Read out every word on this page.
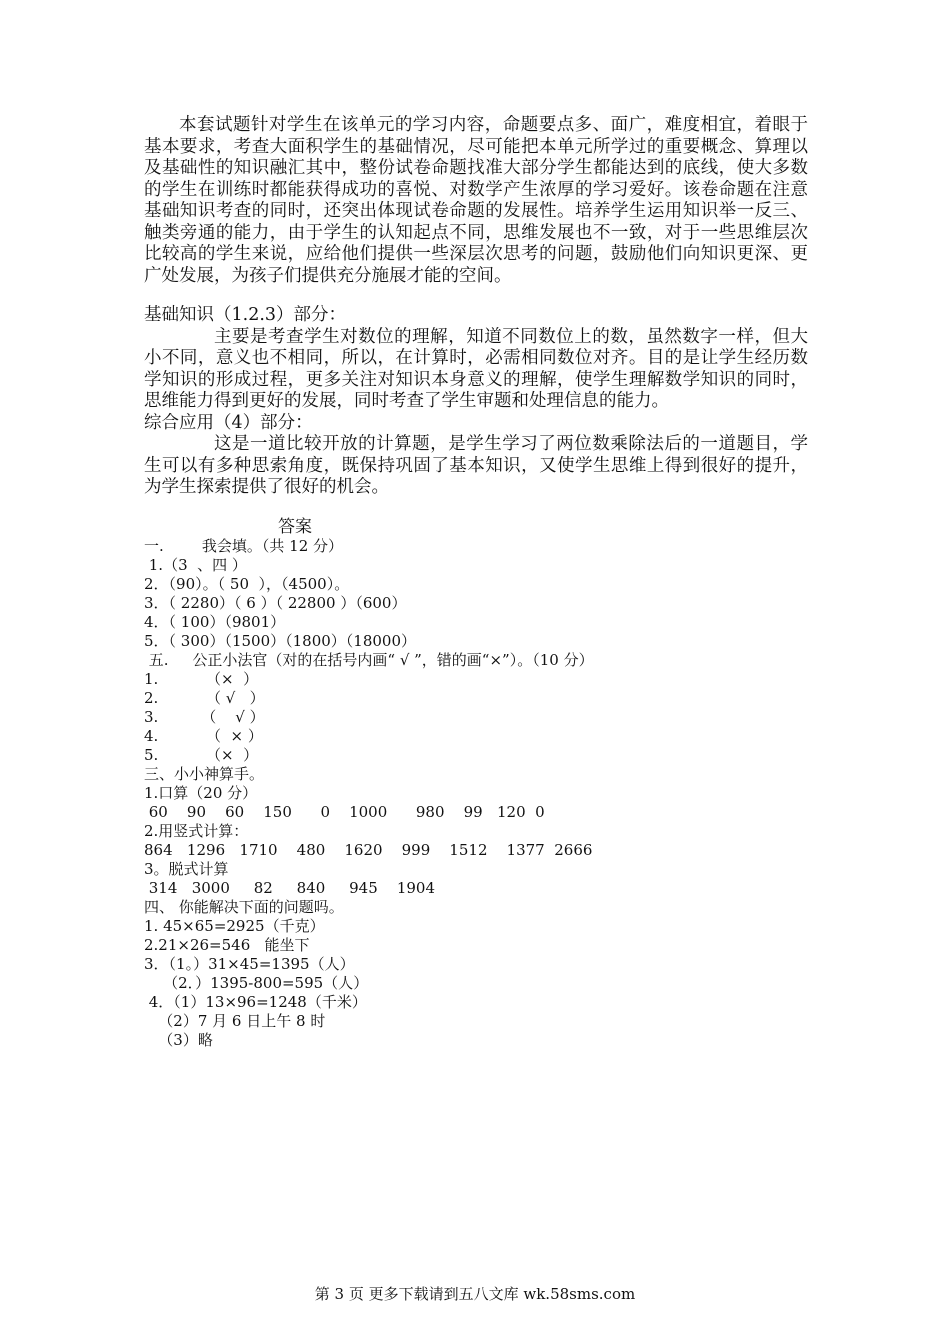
本套试题针对学生在该单元的学习内容，命题要点多、面广，难度相宜，着眼于基本要求，考查大面积学生的基础情况，尽可能把本单元所学过的重要概念、算理以及基础性的知识融汇其中，整份试卷命题找准大部分学生都能达到的底线，使大多数的学生在训练时都能获得成功的喜悦、对数学产生浓厚的学习爱好。该卷命题在注意基础知识考查的同时，还突出体现试卷命题的发展性。培养学生运用知识举一反三、触类旁通的能力，由于学生的认知起点不同，思维发展也不一致，对于一些思维层次比较高的学生来说，应给他们提供一些深层次思考的问题，鼓励他们向知识更深、更广处发展，为孩子们提供充分施展才能的空间。

基础知识（1.2.3）部分：

主要是考查学生对数位的理解，知道不同数位上的数，虽然数字一样，但大小不同，意义也不相同，所以，在计算时，必需相同数位对齐。目的是让学生经历数学知识的形成过程，更多关注对知识本身意义的理解，使学生理解数学知识的同时，思维能力得到更好的发展，同时考查了学生审题和处理信息的能力。

综合应用（4）部分：

这是一道比较开放的计算题，是学生学习了两位数乘除法后的一道题目，学生可以有多种思索角度，既保持巩固了基本知识，又使学生思维上得到很好的提升，为学生探索提供了很好的机会。

答案

一.        我会填。（共 12 分）

1.（3  、四 ）

2．（90）。（ 50  ），（4500）。

3．（ 2280）（ 6 ）（ 22800 ）（600）

4．（ 100）（9801）

5．（ 300）（1500）（1800）（18000）

五.     公正小法官（对的在括号内画“ √ ”，错的画“×”）。（10 分）

1.          （×  ）

2.          （ √   ）

3.         （    √ ）

4.          （  × ）

5.          （×  ）

三、小小神算手。

1.口算（20 分）

60    90    60    150      0    1000      980    99   120  0

2.用竖式计算：

864   1296   1710    480    1620    999    1512    1377  2666

3。脱式计算

314   3000     82     840     945    1904

四、 你能解决下面的问题吗。

1. 45×65=2925（千克）

2.21×26=546   能坐下

3．（1。）31×45=1395（人）

（2．）1395-800=595（人）

4．（1）13×96=1248（千米）

（2）7 月 6 日上午 8 时

（3）略

第 3 页 更多下载请到五八文库 wk.58sms.com
